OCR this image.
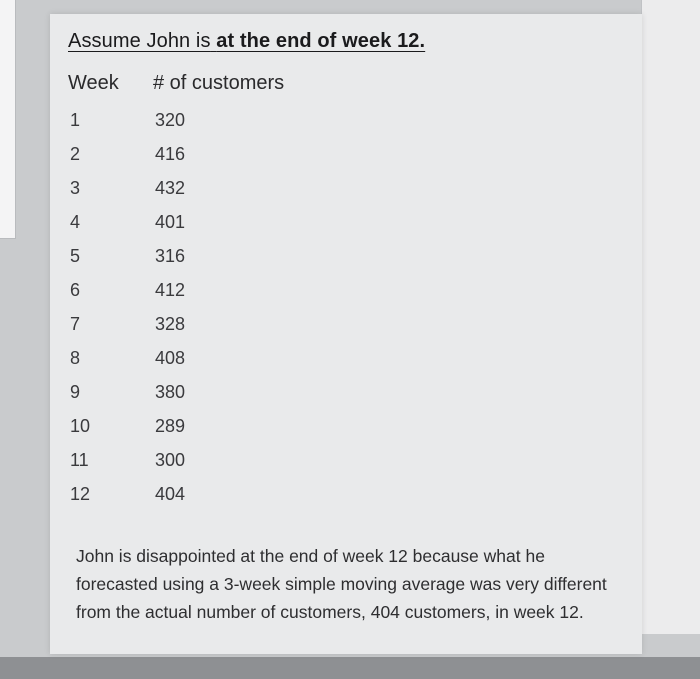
Assume John is at the end of week 12.
Week # of customers
1	320
2	416
3	432
4	401
5	316
6	412
7	328
8	408
9	380
10	289
11	300
12	404

John is disappointed at the end of week 12 because what he forecasted using a 3-week simple moving average was very different from the actual number of customers, 404 customers, in week 12.
